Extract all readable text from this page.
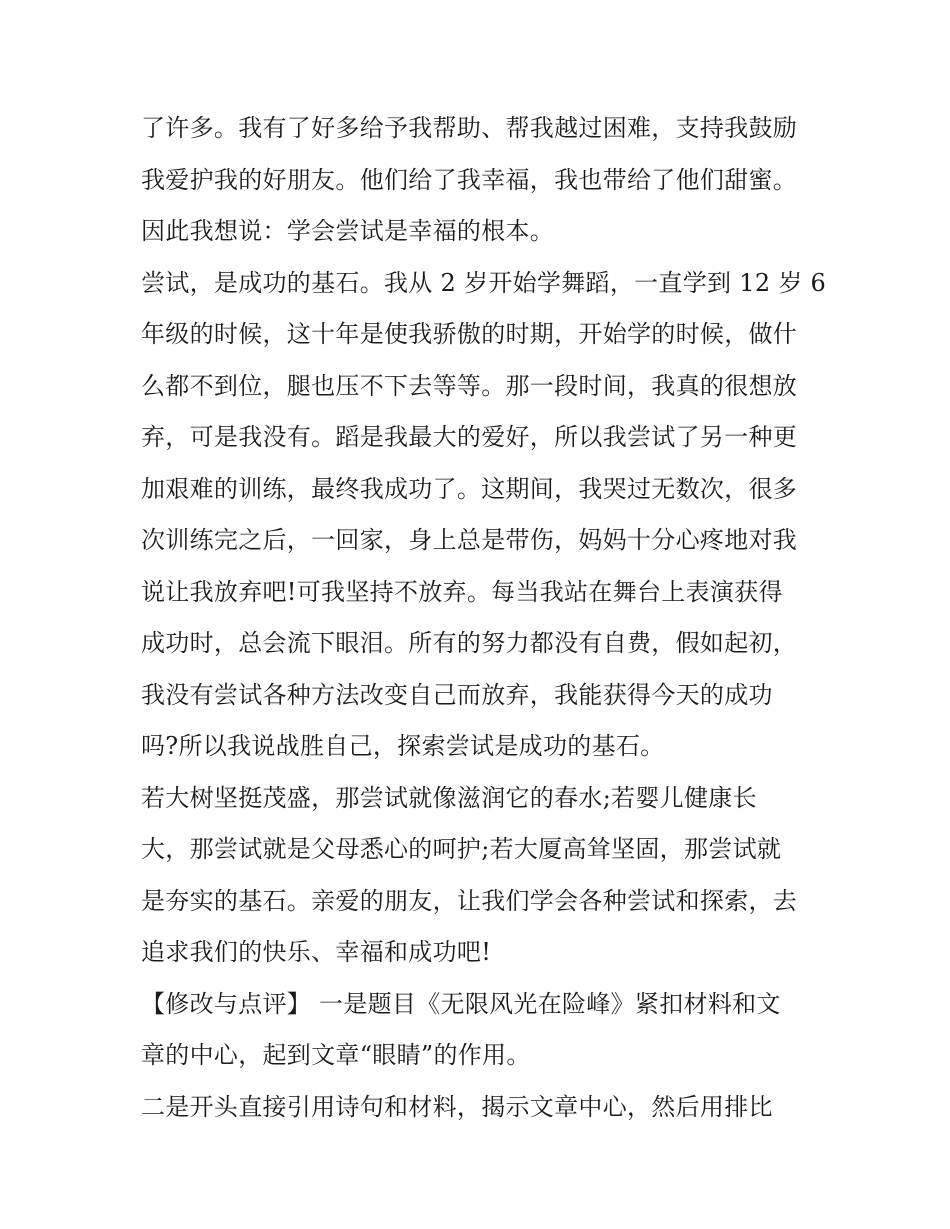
了许多。我有了好多给予我帮助、帮我越过困难，支持我鼓励
我爱护我的好朋友。他们给了我幸福，我也带给了他们甜蜜。
因此我想说：学会尝试是幸福的根本。
尝试，是成功的基石。我从 2 岁开始学舞蹈，一直学到 12 岁 6
年级的时候，这十年是使我骄傲的时期，开始学的时候，做什
么都不到位，腿也压不下去等等。那一段时间，我真的很想放
弃，可是我没有。蹈是我最大的爱好，所以我尝试了另一种更
加艰难的训练，最终我成功了。这期间，我哭过无数次，很多
次训练完之后，一回家，身上总是带伤，妈妈十分心疼地对我
说让我放弃吧!可我坚持不放弃。每当我站在舞台上表演获得
成功时，总会流下眼泪。所有的努力都没有自费，假如起初，
我没有尝试各种方法改变自己而放弃，我能获得今天的成功
吗?所以我说战胜自己，探索尝试是成功的基石。
若大树坚挺茂盛，那尝试就像滋润它的春水;若婴儿健康长
大，那尝试就是父母悉心的呵护;若大厦高耸坚固，那尝试就
是夯实的基石。亲爱的朋友，让我们学会各种尝试和探索，去
追求我们的快乐、幸福和成功吧!
【修改与点评】 一是题目《无限风光在险峰》紧扣材料和文
章的中心，起到文章“眼睛”的作用。
二是开头直接引用诗句和材料，揭示文章中心，然后用排比
